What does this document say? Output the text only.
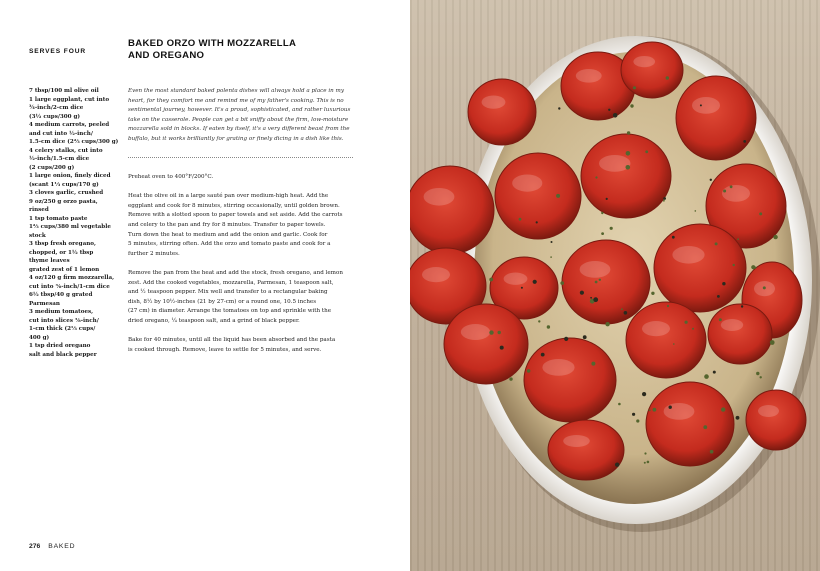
SERVES FOUR
BAKED ORZO WITH MOZZARELLA
AND OREGANO
7 tbsp/100 ml olive oil
1 large eggplant, cut into
¾-inch/2-cm dice
(3½ cups/300 g)
4 medium carrots, peeled
and cut into ½-inch/
1.5-cm dice (2⅔ cups/300 g)
4 celery stalks, cut into
½-inch/1.5-cm dice
(2 cups/200 g)
1 large onion, finely diced
(scant 1⅓ cups/170 g)
3 cloves garlic, crushed
9 oz/250 g orzo pasta,
rinsed
1 tsp tomato paste
1⅔ cups/380 ml vegetable
stock
3 tbsp fresh oregano,
chopped, or 1½ tbsp
thyme leaves
grated zest of 1 lemon
4 oz/120 g firm mozzarella,
cut into ⅜-inch/1-cm dice
6½ tbsp/40 g grated
Parmesan
3 medium tomatoes,
cut into slices ⅜-inch/
1-cm thick (2⅓ cups/
400 g)
1 tsp dried oregano
salt and black pepper
Even the most standard baked polenta dishes will always hold a place in my
heart, for they comfort me and remind me of my father's cooking. This is no
sentimental journey, however. It's a proud, sophisticated, and rather luxurious
take on the casserole. People can get a bit sniffy about the firm, low-moisture
mozzarella sold in blocks. If eaten by itself, it's a very different beast from the
buffalo, but it works brilliantly for grating or finely dicing in a dish like this.
Preheat oven to 400°F/200°C.
Heat the olive oil in a large sauté pan over medium-high heat. Add the
eggplant and cook for 8 minutes, stirring occasionally, until golden brown.
Remove with a slotted spoon to paper towels and set aside. Add the carrots
and celery to the pan and fry for 8 minutes. Transfer to paper towels.
Turn down the heat to medium and add the onion and garlic. Cook for
5 minutes, stirring often. Add the orzo and tomato paste and cook for a
further 2 minutes.
Remove the pan from the heat and add the stock, fresh oregano, and lemon
zest. Add the cooked vegetables, mozzarella, Parmesan, 1 teaspoon salt,
and ½ teaspoon pepper. Mix well and transfer to a rectangular baking
dish, 8½ by 10½-inches (21 by 27-cm) or a round one, 10.5 inches
(27 cm) in diameter. Arrange the tomatoes on top and sprinkle with the
dried oregano, ¼ teaspoon salt, and a grind of black pepper.
Bake for 40 minutes, until all the liquid has been absorbed and the pasta
is cooked through. Remove, leave to settle for 5 minutes, and serve.
276 BAKED
